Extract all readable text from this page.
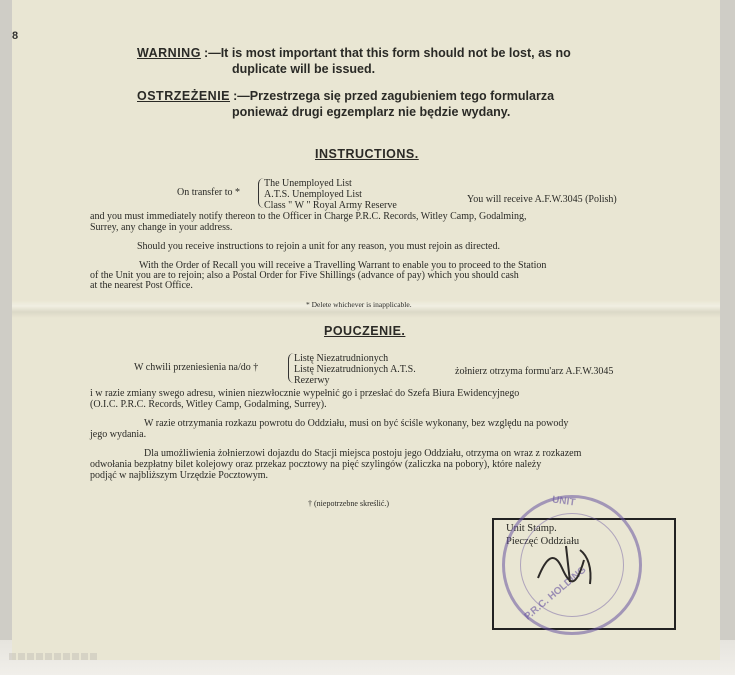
8
WARNING :—It is most important that this form should not be lost, as no
duplicate will be issued.
OSTRZEŻENIE :—Przestrzega się przed zagubieniem tego formularza
ponieważ drugi egzemplarz nie będzie wydany.
INSTRUCTIONS.
On transfer to *
The Unemployed List
A.T.S. Unemployed List
Class " W " Royal Army Reserve
You will receive A.F.W.3045 (Polish)
and you must immediately notify thereon to the Officer in Charge P.R.C. Records, Witley Camp, Godalming,
Surrey, any change in your address.
Should you receive instructions to rejoin a unit for any reason, you must rejoin as directed.
With the Order of Recall you will receive a Travelling Warrant to enable you to proceed to the Station
of the Unit you are to rejoin; also a Postal Order for Five Shillings (advance of pay) which you should cash
at the nearest Post Office.
* Delete whichever is inapplicable.
POUCZENIE.
W chwili przeniesienia na/do †
Listę Niezatrudnionych
Listę Niezatrudnionych A.T.S.
Rezerwy
żołnierz otrzyma formu'arz A.F.W.3045
i w razie zmiany swego adresu, winien niezwłocznie wypełnić go i przesłać do Szefa Biura Ewidencyjnego
(O.I.C. P.R.C. Records, Witley Camp, Godalming, Surrey).
W razie otrzymania rozkazu powrotu do Oddziału, musi on być ściśle wykonany, bez względu na powody
jego wydania.
Dla umożliwienia żołnierzowi dojazdu do Stacji miejsca postoju jego Oddziału, otrzyma on wraz z rozkazem
odwołania bezpłatny bilet kolejowy oraz przekaz pocztowy na pięć szylingów (zaliczka na pobory), które należy
podjąć w najbliższym Urzędzie Pocztowym.
† (niepotrzebne skreślić.)
Unit Stamp.
Pieczęć Oddziału
UNIT
P.R.C. HOLDING
